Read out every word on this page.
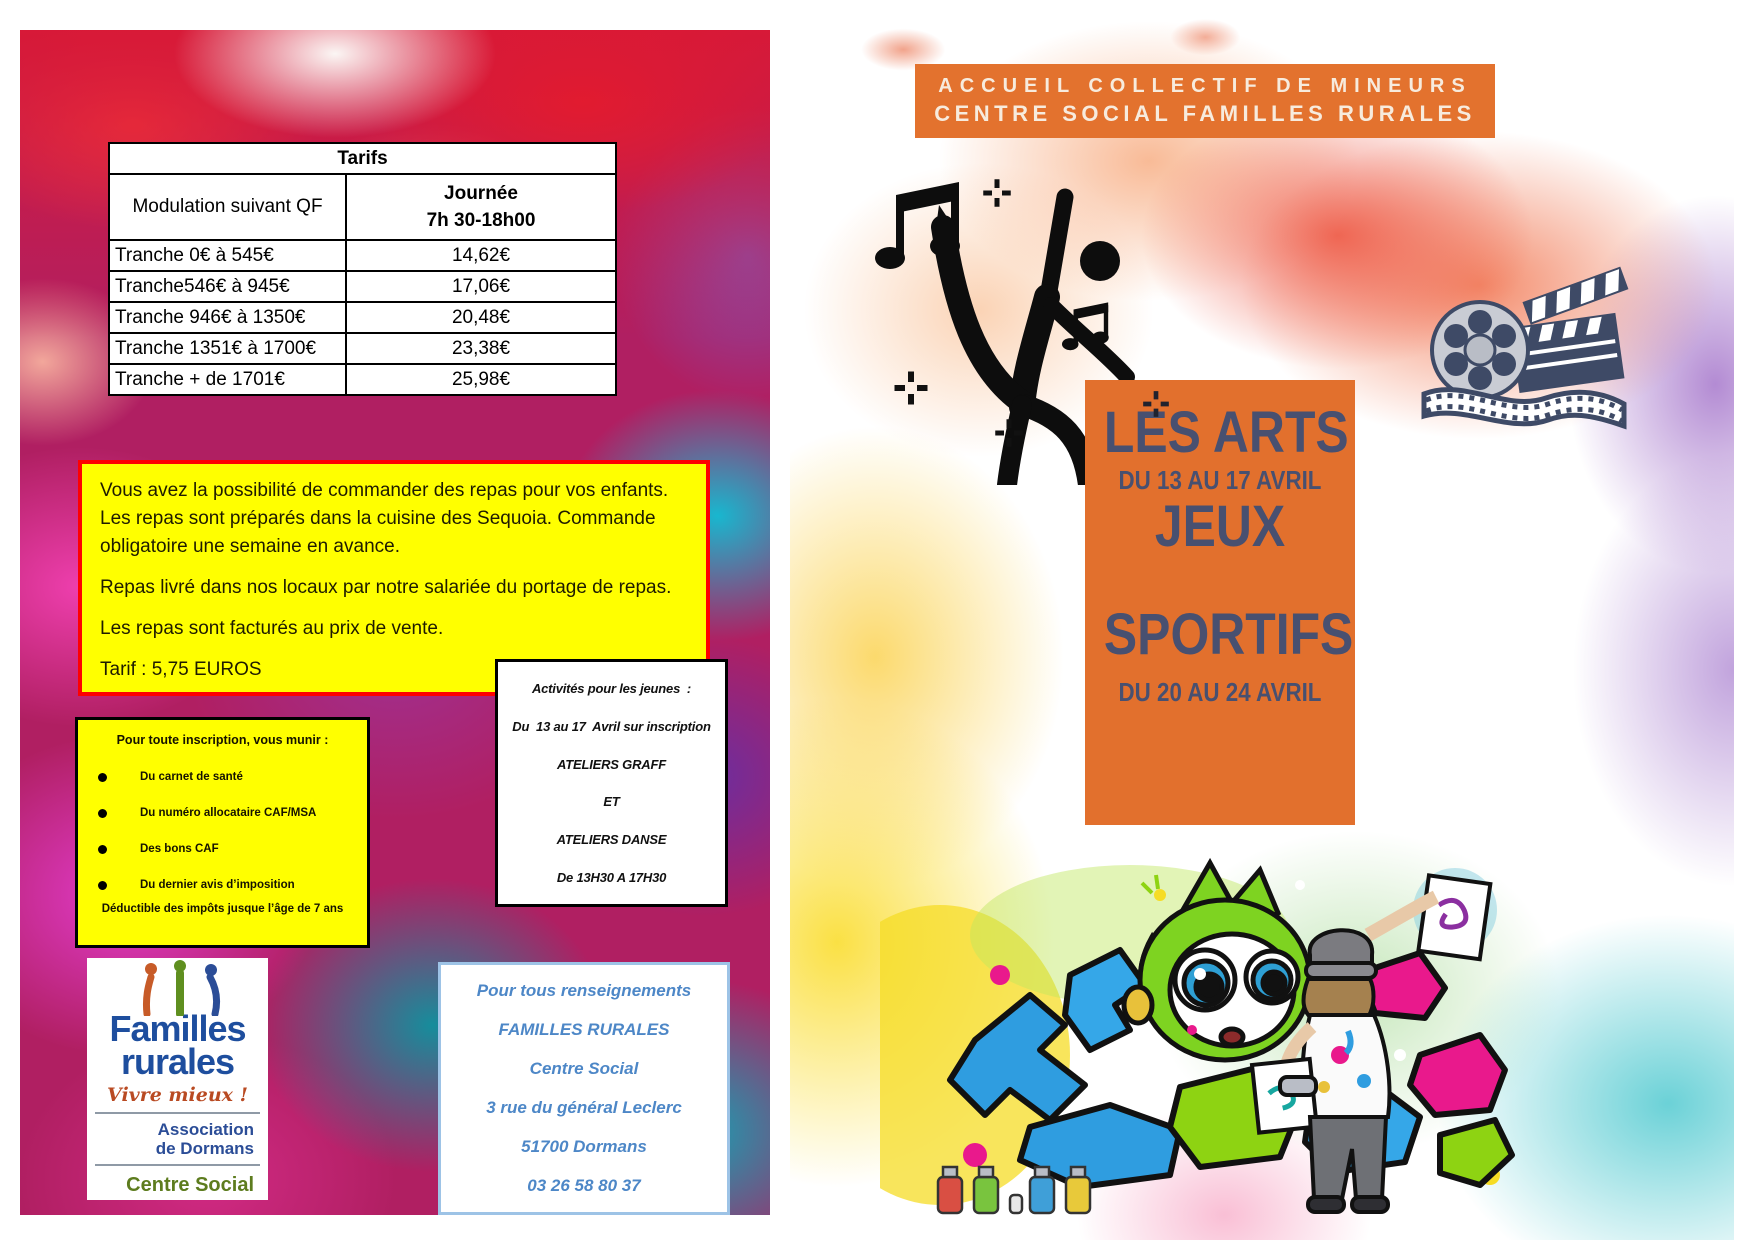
Tarifs	
Modulation suivant QF	Journée
7h 30-18h00

Tranche 0€ à 545€	14,62€
Tranche546€ à 945€	17,06€
Tranche 946€ à 1350€	20,48€
Tranche 1351€ à 1700€	23,38€
Tranche + de 1701€	25,98€

Vous avez la possibilité de commander des repas pour vos enfants. Les repas sont préparés dans la cuisine des Sequoia. Commande obligatoire une semaine en avance.

Repas livré dans nos locaux par notre salariée du portage de repas.

Les repas sont facturés au prix de vente.

Tarif : 5,75 EUROS

Pour toute inscription, vous munir :
Du carnet de santé
Du numéro allocataire CAF/MSA
Des bons CAF
Du dernier avis d’imposition
Déductible des impôts jusque l’âge de 7 ans
Activités pour les jeunes  :
Du  13 au 17  Avril sur inscription
ATELIERS GRAFF
ET
ATELIERS DANSE
De 13H30 A 17H30
Familles
rurales
Vivre mieux !
Association
de Dormans
Centre Social
Pour tous renseignements
FAMILLES RURALES
Centre Social
3 rue du général Leclerc
51700 Dormans
03 26 58 80 37
ACCUEIL COLLECTIF DE MINEURS
CENTRE SOCIAL FAMILLES RURALES
LES ARTS
DU 13 AU 17 AVRIL
JEUX
SPORTIFS
DU 20 AU 24 AVRIL
